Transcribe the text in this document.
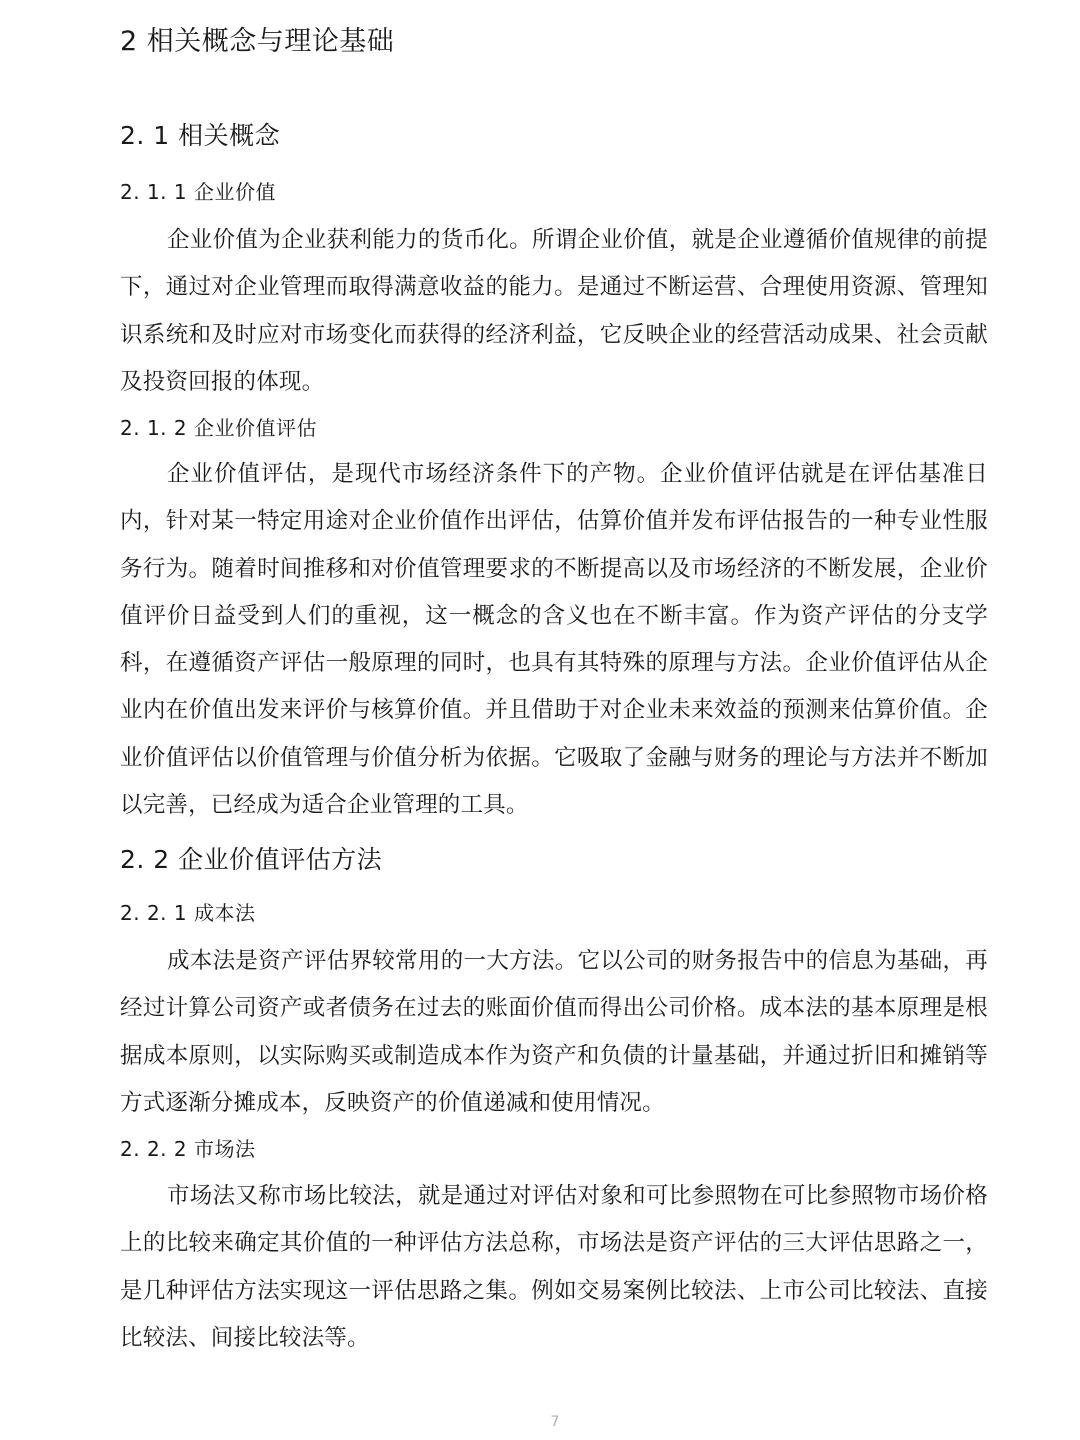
2 相关概念与理论基础
2. 1 相关概念
2. 1. 1 企业价值

企业价值为企业获利能力的货币化。所谓企业价值，就是企业遵循价值规律的前提下，通过对企业管理而取得满意收益的能力。是通过不断运营、合理使用资源、管理知识系统和及时应对市场变化而获得的经济利益，它反映企业的经营活动成果、社会贡献及投资回报的体现。

2. 1. 2 企业价值评估

企业价值评估，是现代市场经济条件下的产物。企业价值评估就是在评估基准日内，针对某一特定用途对企业价值作出评估，估算价值并发布评估报告的一种专业性服务行为。随着时间推移和对价值管理要求的不断提高以及市场经济的不断发展，企业价值评价日益受到人们的重视，这一概念的含义也在不断丰富。作为资产评估的分支学科，在遵循资产评估一般原理的同时，也具有其特殊的原理与方法。企业价值评估从企业内在价值出发来评价与核算价值。并且借助于对企业未来效益的预测来估算价值。企业价值评估以价值管理与价值分析为依据。它吸取了金融与财务的理论与方法并不断加以完善，已经成为适合企业管理的工具。

2. 2 企业价值评估方法
2. 2. 1 成本法

成本法是资产评估界较常用的一大方法。它以公司的财务报告中的信息为基础，再经过计算公司资产或者债务在过去的账面价值而得出公司价格。成本法的基本原理是根据成本原则，以实际购买或制造成本作为资产和负债的计量基础，并通过折旧和摊销等方式逐渐分摊成本，反映资产的价值递减和使用情况。

2. 2. 2 市场法

市场法又称市场比较法，就是通过对评估对象和可比参照物在可比参照物市场价格上的比较来确定其价值的一种评估方法总称，市场法是资产评估的三大评估思路之一，是几种评估方法实现这一评估思路之集。例如交易案例比较法、上市公司比较法、直接比较法、间接比较法等。

7
